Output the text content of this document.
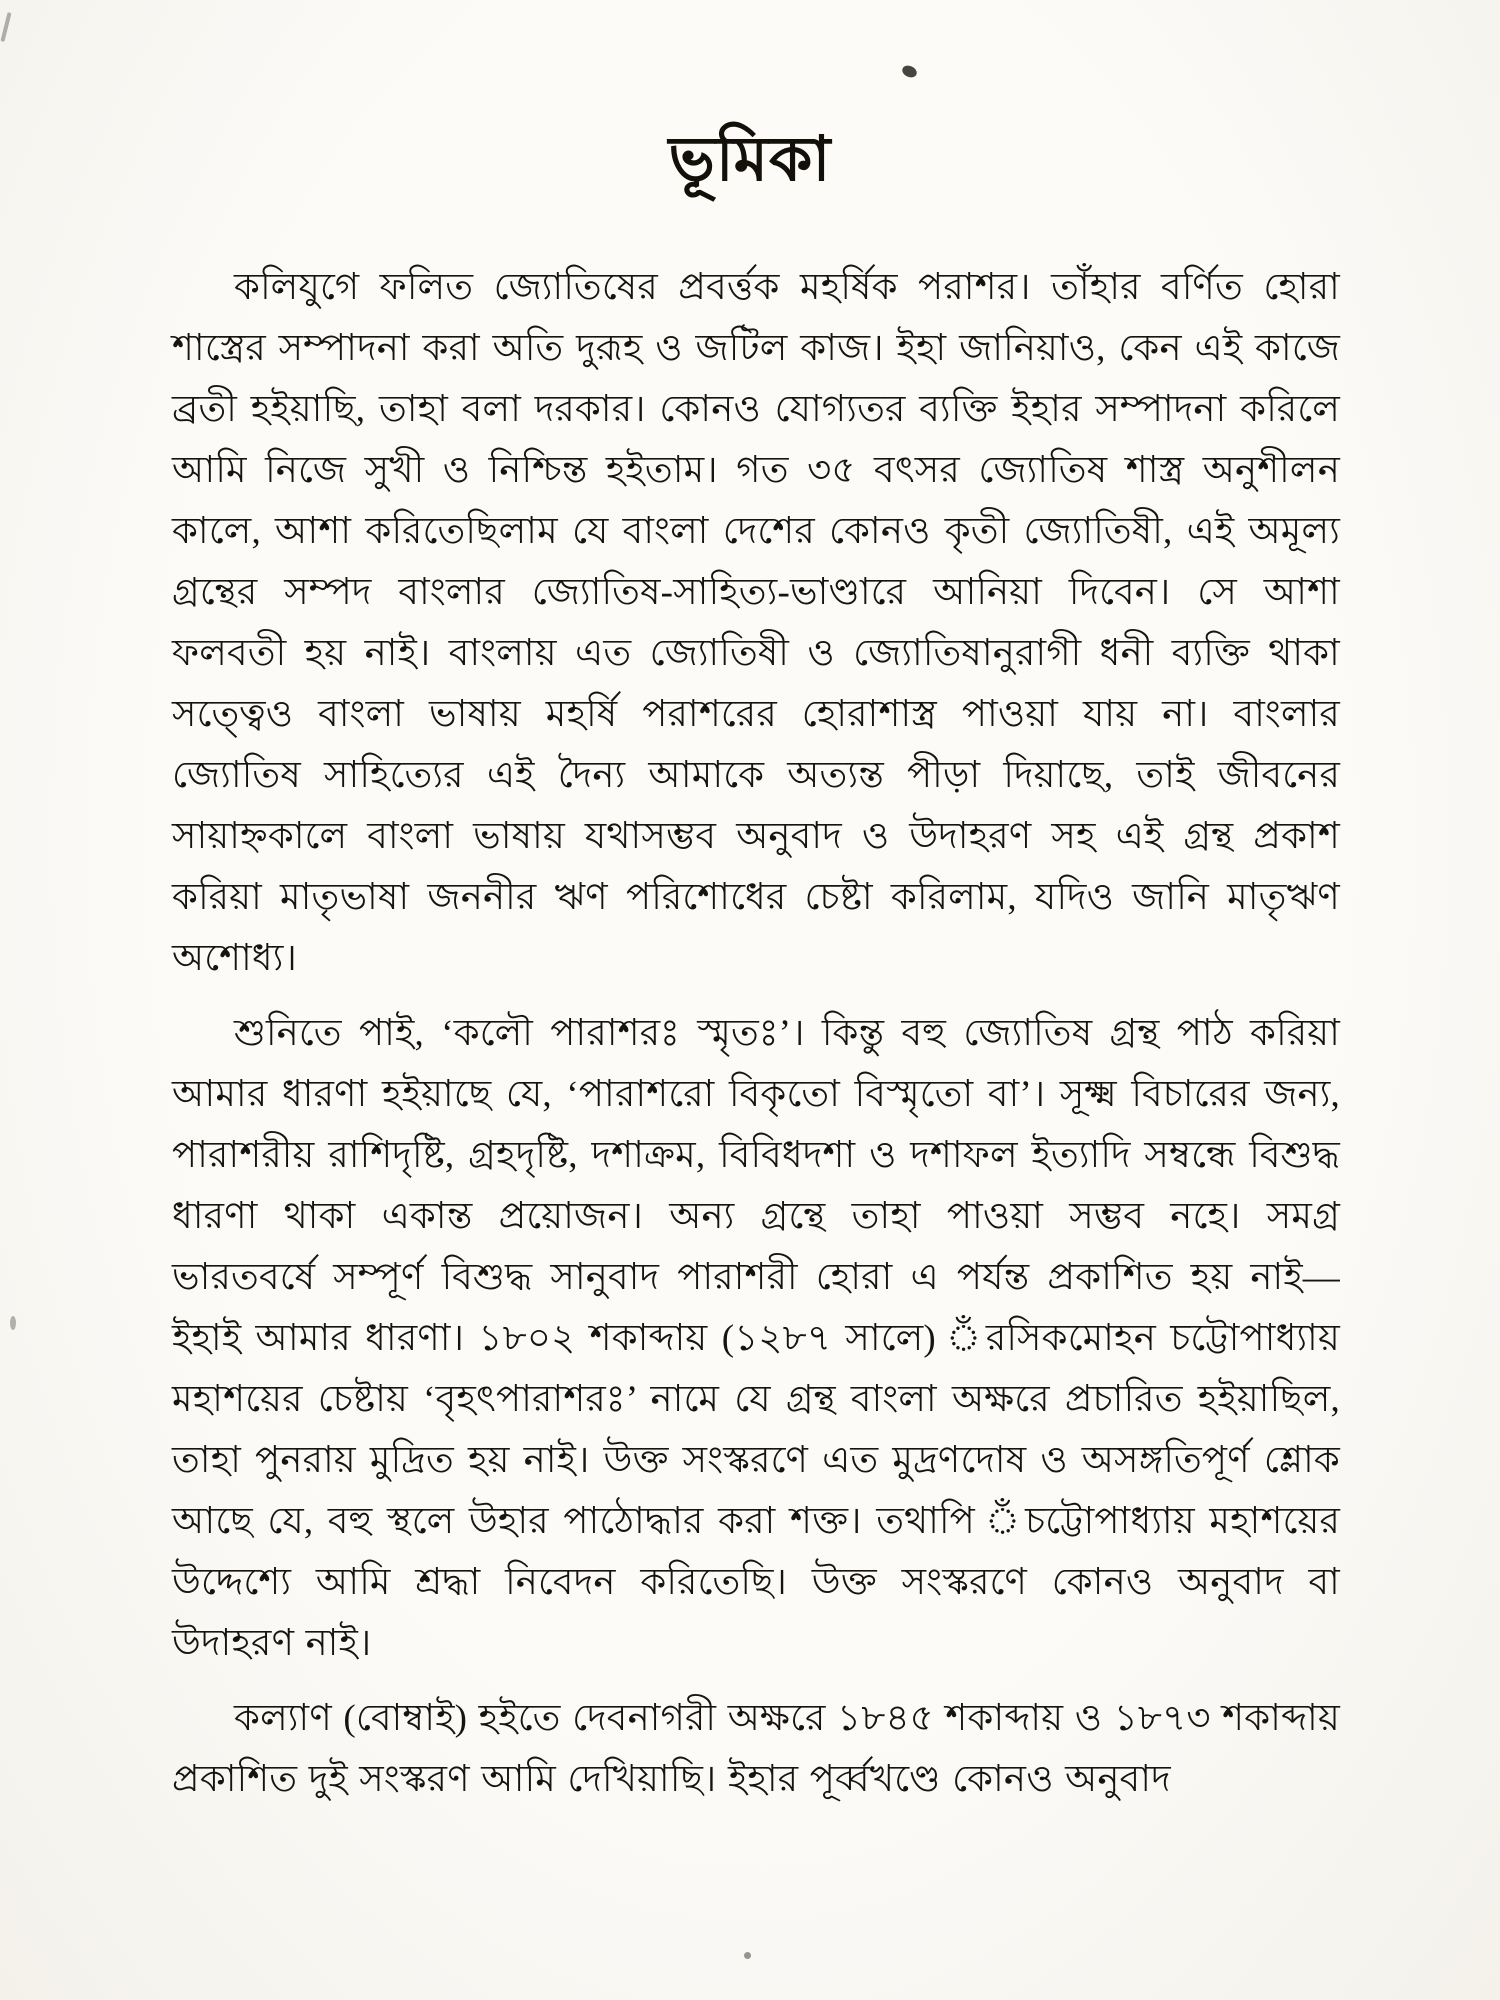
ভূমিকা

কলিযুগে ফলিত জ্যোতিষের প্রবর্ত্তক মহর্ষিক পরাশর। তাঁহার বর্ণিত হোরা শাস্ত্রের সম্পাদনা করা অতি দুরূহ ও জটিল কাজ। ইহা জানিয়াও, কেন এই কাজে ব্রতী হইয়াছি, তাহা বলা দরকার। কোনও যোগ্যতর ব্যক্তি ইহার সম্পাদনা করিলে আমি নিজে সুখী ও নিশ্চিন্ত হইতাম। গত ৩৫ বৎসর জ্যোতিষ শাস্ত্র অনুশীলন কালে, আশা করিতেছিলাম যে বাংলা দেশের কোনও কৃতী জ্যোতিষী, এই অমূল্য গ্রন্থের সম্পদ বাংলার জ্যোতিষ-সাহিত্য-ভাণ্ডারে আনিয়া দিবেন। সে আশা ফলবতী হয় নাই। বাংলায় এত জ্যোতিষী ও জ্যোতিষানুরাগী ধনী ব্যক্তি থাকা সত্ত্বেও বাংলা ভাষায় মহর্ষি পরাশরের হোরাশাস্ত্র পাওয়া যায় না। বাংলার জ্যোতিষ সাহিত্যের এই দৈন্য আমাকে অত্যন্ত পীড়া দিয়াছে, তাই জীবনের সায়াহ্নকালে বাংলা ভাষায় যথাসম্ভব অনুবাদ ও উদাহরণ সহ এই গ্রন্থ প্রকাশ করিয়া মাতৃভাষা জননীর ঋণ পরিশোধের চেষ্টা করিলাম, যদিও জানি মাতৃঋণ অশোধ্য।

শুনিতে পাই, ‘কলৌ পারাশরঃ স্মৃতঃ’। কিন্তু বহু জ্যোতিষ গ্রন্থ পাঠ করিয়া আমার ধারণা হইয়াছে যে, ‘পারাশরো বিকৃতো বিস্মৃতো বা’। সূক্ষ্ম বিচারের জন্য, পারাশরীয় রাশিদৃষ্টি, গ্রহদৃষ্টি, দশাক্রম, বিবিধদশা ও দশাফল ইত্যাদি সম্বন্ধে বিশুদ্ধ ধারণা থাকা একান্ত প্রয়োজন। অন্য গ্রন্থে তাহা পাওয়া সম্ভব নহে। সমগ্র ভারতবর্ষে সম্পূর্ণ বিশুদ্ধ সানুবাদ পারাশরী হোরা এ পর্যন্ত প্রকাশিত হয় নাই—ইহাই আমার ধারণা। ১৮০২ শকাব্দায় (১২৮৭ সালে) ঁরসিকমোহন চট্টোপাধ্যায় মহাশয়ের চেষ্টায় ‘বৃহৎপারাশরঃ’ নামে যে গ্রন্থ বাংলা অক্ষরে প্রচারিত হইয়াছিল, তাহা পুনরায় মুদ্রিত হয় নাই। উক্ত সংস্করণে এত মুদ্রণদোষ ও অসঙ্গতিপূর্ণ শ্লোক আছে যে, বহু স্থলে উহার পাঠোদ্ধার করা শক্ত। তথাপি ঁচট্টোপাধ্যায় মহাশয়ের উদ্দেশ্যে আমি শ্রদ্ধা নিবেদন করিতেছি। উক্ত সংস্করণে কোনও অনুবাদ বা উদাহরণ নাই।

কল্যাণ (বোম্বাই) হইতে দেবনাগরী অক্ষরে ১৮৪৫ শকাব্দায় ও ১৮৭৩ শকাব্দায় প্রকাশিত দুই সংস্করণ আমি দেখিয়াছি। ইহার পূর্ব্বখণ্ডে কোনও অনুবাদ
